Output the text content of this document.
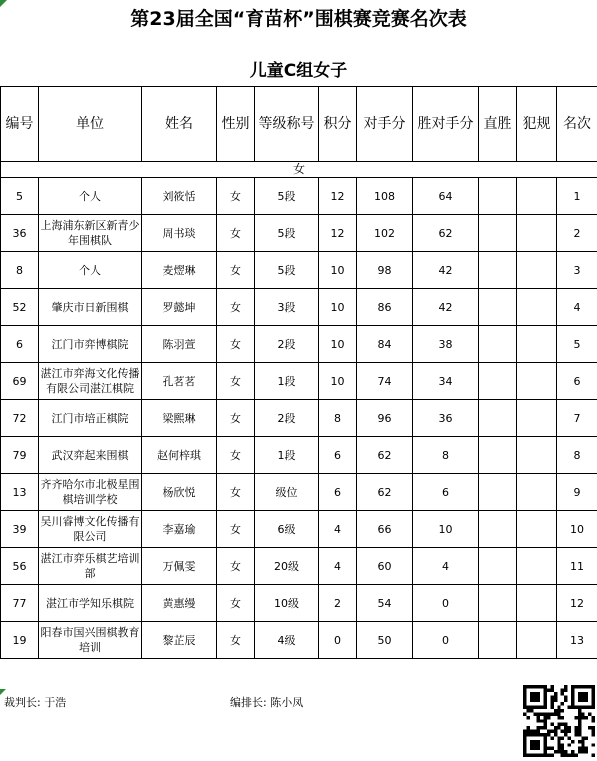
第23届全国“育苗杯”围棋赛竞赛名次表
儿童C组女子
编号	单位	姓名	性别	等级称号	积分	对手分	胜对手分	直胜	犯规	名次
女										
5	个人	刘筱恬	女	5段	12	108	64			1
36	上海浦东新区新青少年围棋队	周书琰	女	5段	12	102	62			2
8	个人	麦熤琳	女	5段	10	98	42			3
52	肇庆市日新围棋	罗懿坤	女	3段	10	86	42			4
6	江门市弈博棋院	陈羽萱	女	2段	10	84	38			5
69	湛江市弈海文化传播有限公司湛江棋院	孔茗茗	女	1段	10	74	34			6
72	江门市培正棋院	梁熙琳	女	2段	8	96	36			7
79	武汉弈起来围棋	赵何梓琪	女	1段	6	62	8			8
13	齐齐哈尔市北极星围棋培训学校	杨欣悦	女	级位	6	62	6			9
39	吴川睿博文化传播有限公司	李嘉瑜	女	6级	4	66	10			10
56	湛江市弈乐棋艺培训部	万佩雯	女	20级	4	60	4			11
77	湛江市学知乐棋院	黄惠缦	女	10级	2	54	0			12
19	阳春市国兴围棋教育培训	黎芷辰	女	4级	0	50	0			13
裁判长: 于浩	编排长: 陈小凤
